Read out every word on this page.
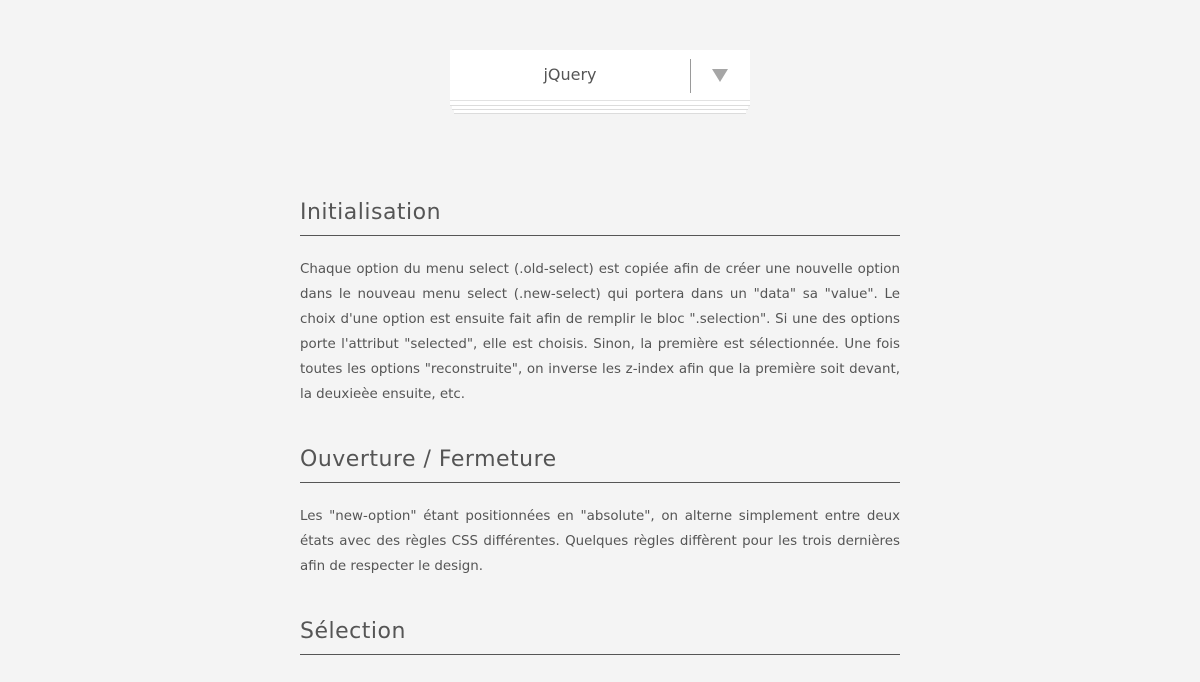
jQuery
Initialisation

Chaque option du menu select (.old-select) est copiée afin de créer une nouvelle option dans le nouveau menu select (.new-select) qui portera dans un "data" sa "value". Le choix d'une option est ensuite fait afin de remplir le bloc ".selection". Si une des options porte l'attribut "selected", elle est choisis. Sinon, la première est sélectionnée. Une fois toutes les options "reconstruite", on inverse les z-index afin que la première soit devant, la deuxieèe ensuite, etc.

Ouverture / Fermeture

Les "new-option" étant positionnées en "absolute", on alterne simplement entre deux états avec des règles CSS différentes. Quelques règles diffèrent pour les trois dernières afin de respecter le design.

Sélection
